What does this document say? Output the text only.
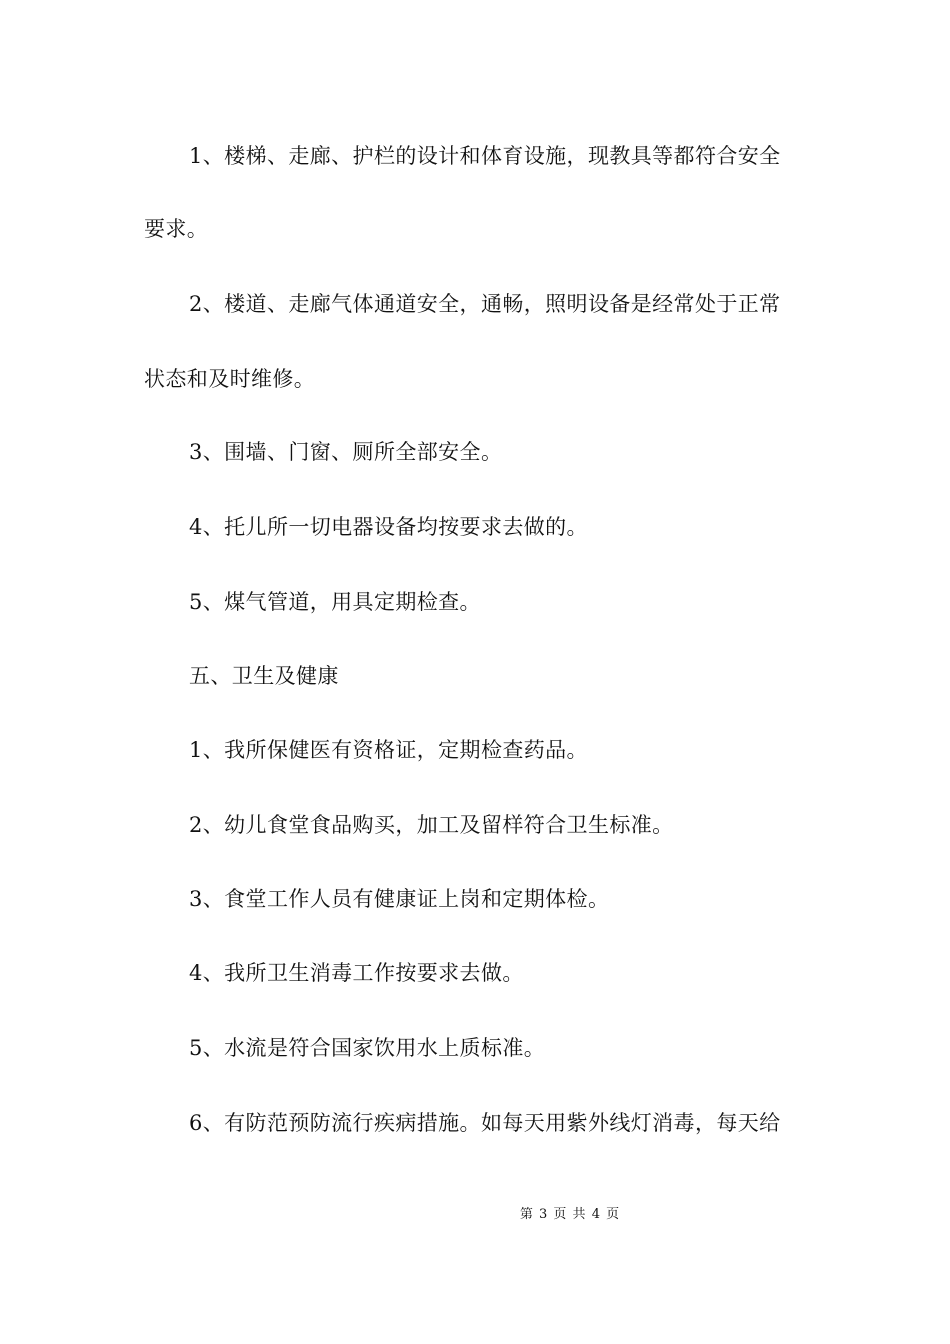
1、楼梯、走廊、护栏的设计和体育设施，现教具等都符合安全
要求。
2、楼道、走廊气体通道安全，通畅，照明设备是经常处于正常
状态和及时维修。
3、围墙、门窗、厕所全部安全。
4、托儿所一切电器设备均按要求去做的。
5、煤气管道，用具定期检查。
五、卫生及健康
1、我所保健医有资格证，定期检查药品。
2、幼儿食堂食品购买，加工及留样符合卫生标准。
3、食堂工作人员有健康证上岗和定期体检。
4、我所卫生消毒工作按要求去做。
5、水流是符合国家饮用水上质标准。
6、有防范预防流行疾病措施。如每天用紫外线灯消毒，每天给
第 3 页 共 4 页
